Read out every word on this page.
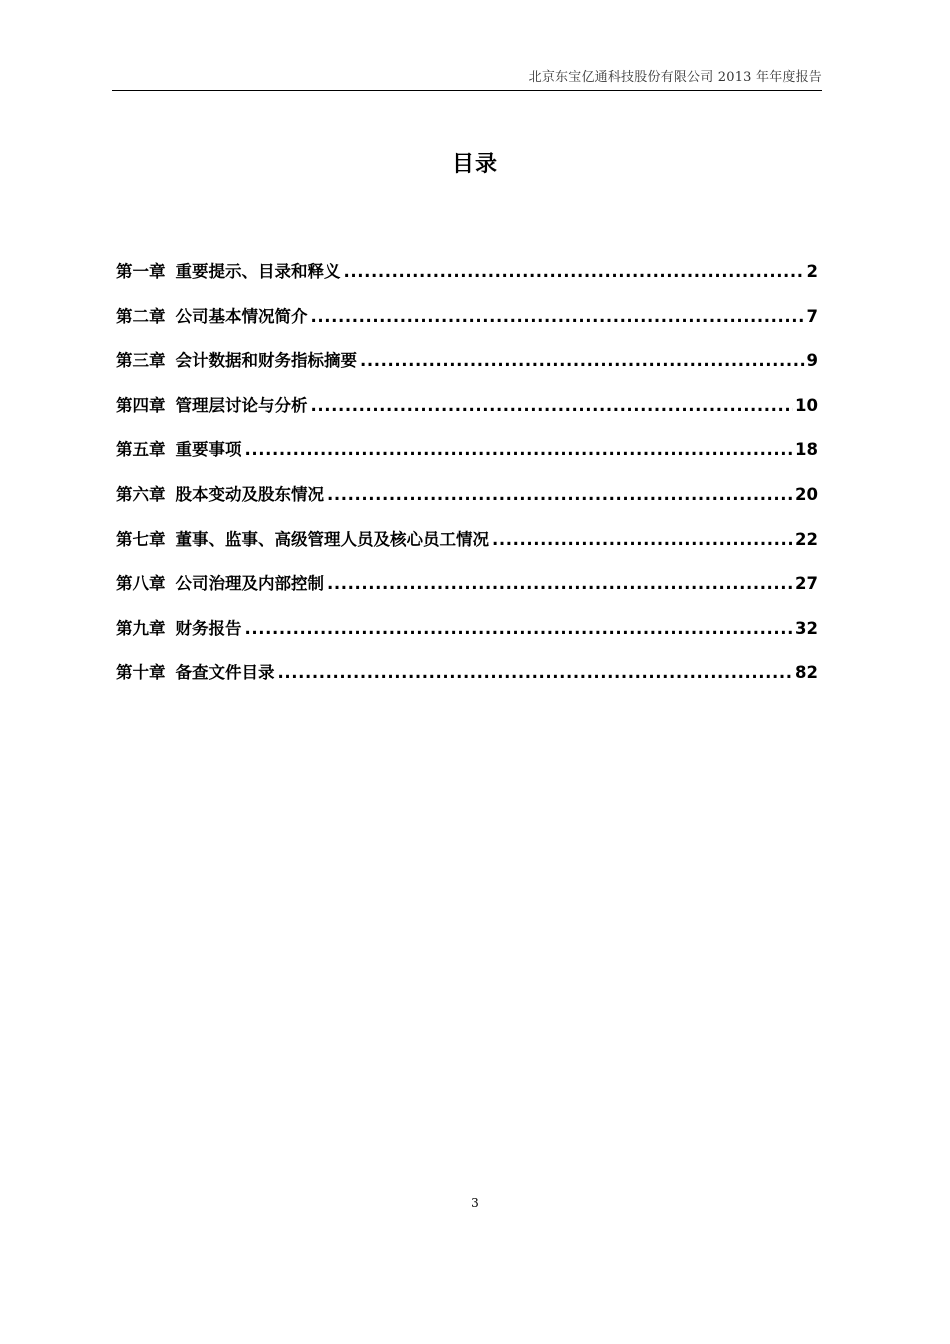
北京东宝亿通科技股份有限公司 2013 年年度报告
目录
第一章 重要提示、目录和释义 .....	2
第二章 公司基本情况简介 .....	7
第三章 会计数据和财务指标摘要 .....	9
第四章 管理层讨论与分析 .....	10
第五章 重要事项 .....	18
第六章 股本变动及股东情况 .....	20
第七章 董事、监事、高级管理人员及核心员工情况 .....	22
第八章 公司治理及内部控制 .....	27
第九章 财务报告 .....	32
第十章 备查文件目录 .....	82
3
